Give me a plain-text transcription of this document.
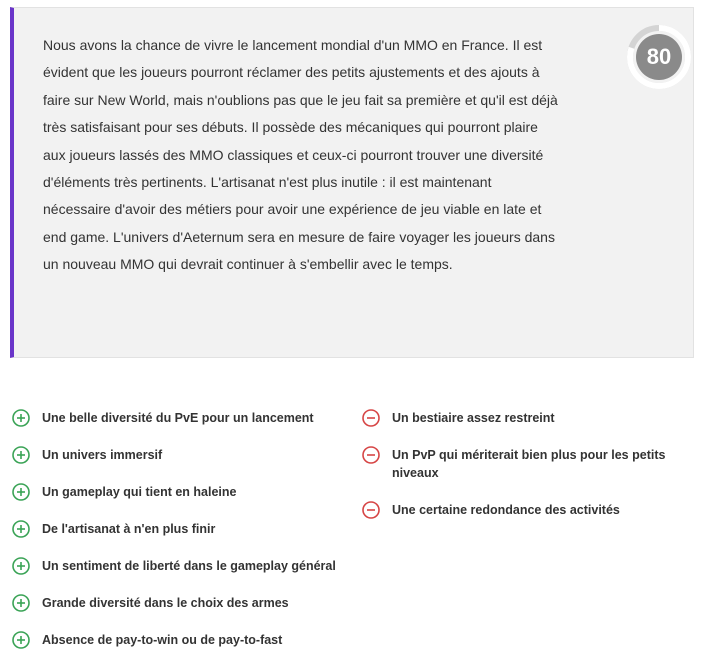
Nous avons la chance de vivre le lancement mondial d'un MMO en France. Il est évident que les joueurs pourront réclamer des petits ajustements et des ajouts à faire sur New World, mais n'oublions pas que le jeu fait sa première et qu'il est déjà très satisfaisant pour ses débuts. Il possède des mécaniques qui pourront plaire aux joueurs lassés des MMO classiques et ceux-ci pourront trouver une diversité d'éléments très pertinents. L'artisanat n'est plus inutile : il est maintenant nécessaire d'avoir des métiers pour avoir une expérience de jeu viable en late et end game. L'univers d'Aeternum sera en mesure de faire voyager les joueurs dans un nouveau MMO qui devrait continuer à s'embellir avec le temps.

80
Une belle diversité du PvE pour un lancement
Un univers immersif
Un gameplay qui tient en haleine
De l'artisanat à n'en plus finir
Un sentiment de liberté dans le gameplay général
Grande diversité dans le choix des armes
Absence de pay-to-win ou de pay-to-fast
Un bestiaire assez restreint
Un PvP qui mériterait bien plus pour les petits niveaux
Une certaine redondance des activités
